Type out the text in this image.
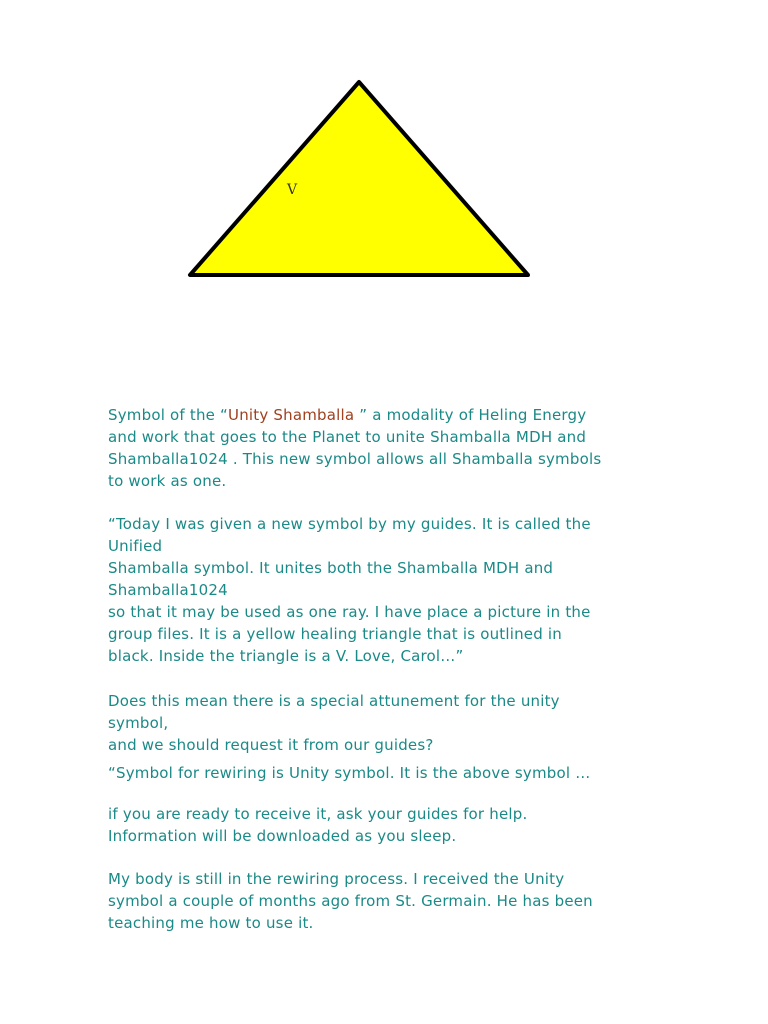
V
Symbol of the “Unity Shamballa ” a modality of Heling Energy
and work that goes to the Planet to unite Shamballa MDH and
Shamballa1024 . This new symbol allows all Shamballa symbols
to work as one.
“Today I was given a new symbol by my guides. It is called the
Unified
Shamballa symbol. It unites both the Shamballa MDH and
Shamballa1024
so that it may be used as one ray. I have place a picture in the
group files. It is a yellow healing triangle that is outlined in
black. Inside the triangle is a V. Love, Carol…”
Does this mean there is a special attunement for the unity
symbol,
and we should request it from our guides?
“Symbol for rewiring is Unity symbol. It is the above symbol …
if you are ready to receive it, ask your guides for help.
Information will be downloaded as you sleep.
My body is still in the rewiring process. I received the Unity
symbol a couple of months ago from St. Germain. He has been
teaching me how to use it.
